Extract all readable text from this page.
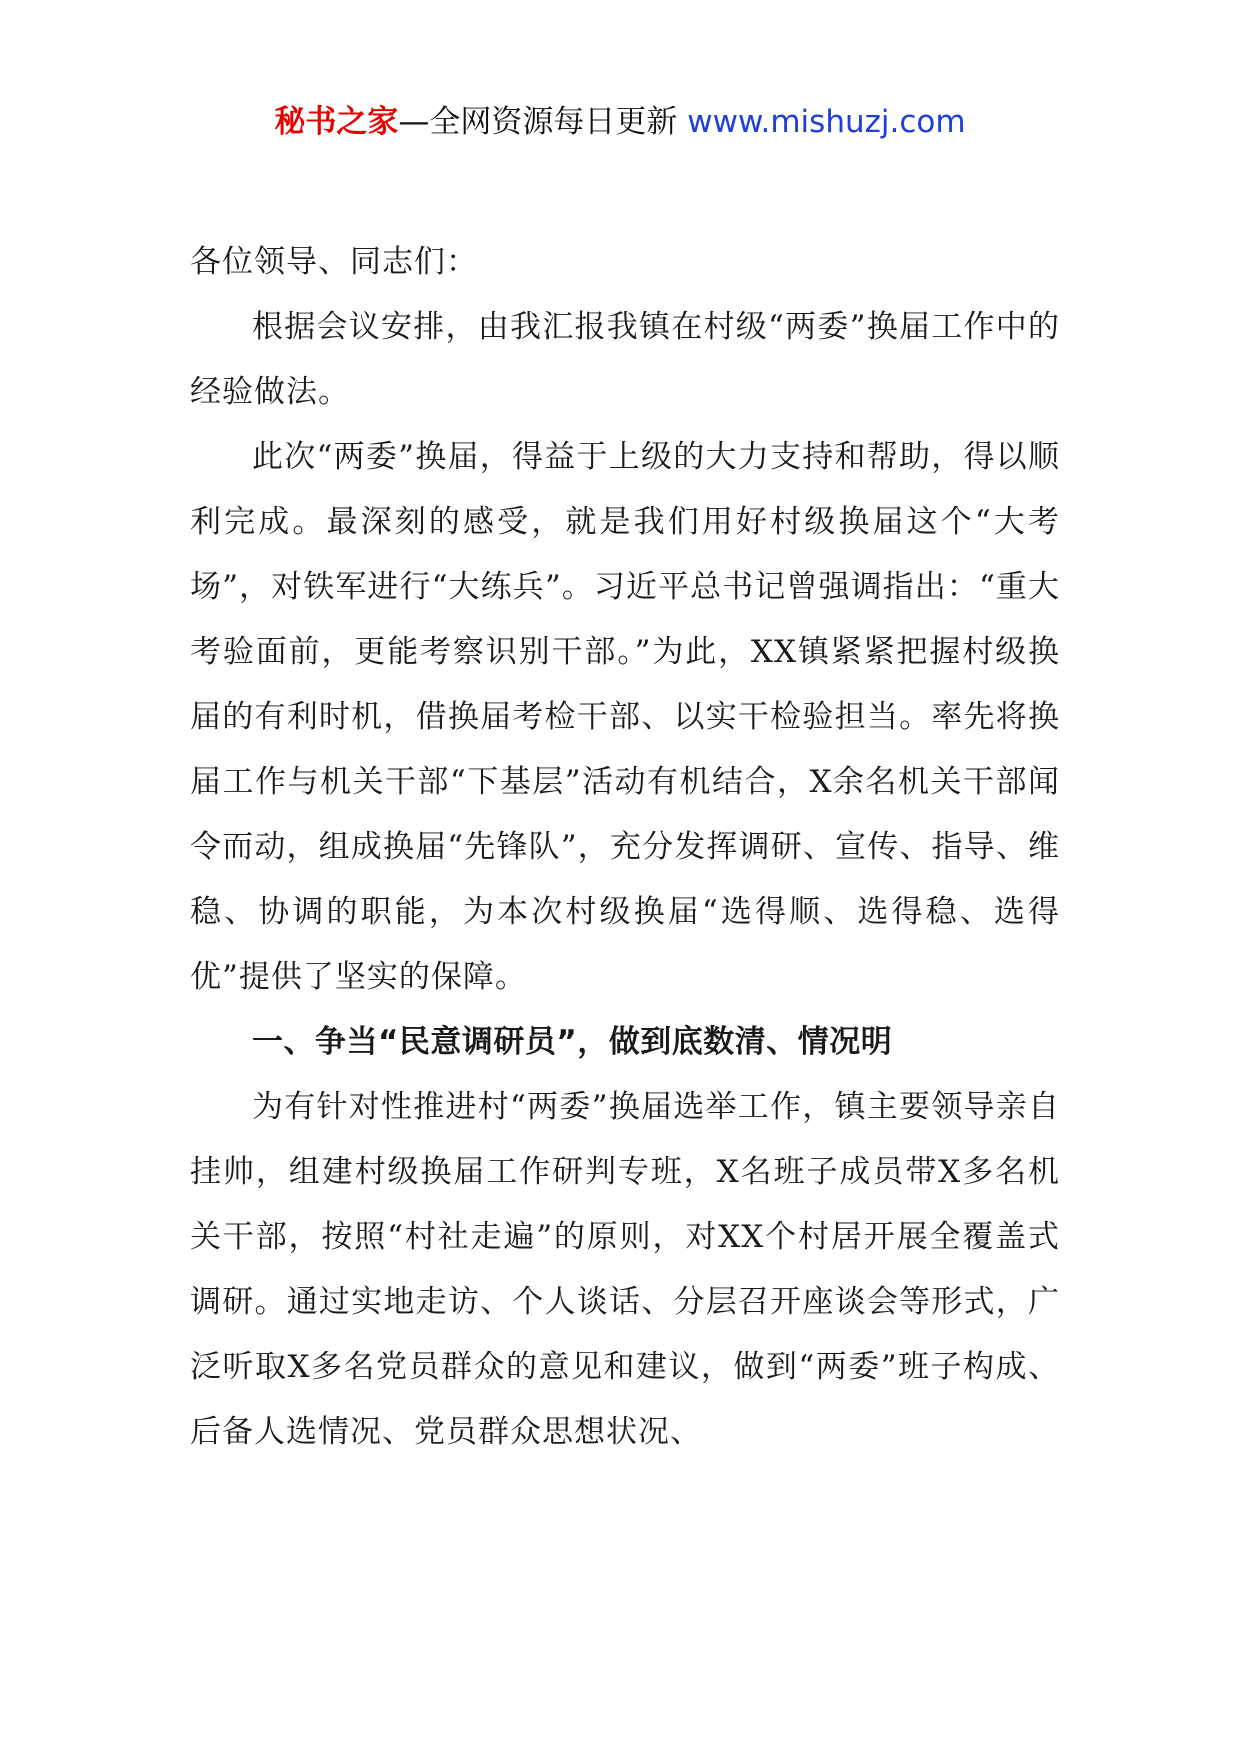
秘书之家—全网资源每日更新 www.mishuzj.com

各位领导、同志们：

根据会议安排，由我汇报我镇在村级“两委”换届工作中的经验做法。

此次“两委”换届，得益于上级的大力支持和帮助，得以顺利完成。最深刻的感受，就是我们用好村级换届这个“大考场”，对铁军进行“大练兵”。习近平总书记曾强调指出：“重大考验面前，更能考察识别干部。”为此，XX镇紧紧把握村级换届的有利时机，借换届考检干部、以实干检验担当。率先将换届工作与机关干部“下基层”活动有机结合，X余名机关干部闻令而动，组成换届“先锋队”，充分发挥调研、宣传、指导、维稳、协调的职能，为本次村级换届“选得顺、选得稳、选得优”提供了坚实的保障。

一、争当“民意调研员”，做到底数清、情况明

为有针对性推进村“两委”换届选举工作，镇主要领导亲自挂帅，组建村级换届工作研判专班，X名班子成员带X多名机关干部，按照“村社走遍”的原则，对XX个村居开展全覆盖式调研。通过实地走访、个人谈话、分层召开座谈会等形式，广泛听取X多名党员群众的意见和建议，做到“两委”班子构成、后备人选情况、党员群众思想状况、
